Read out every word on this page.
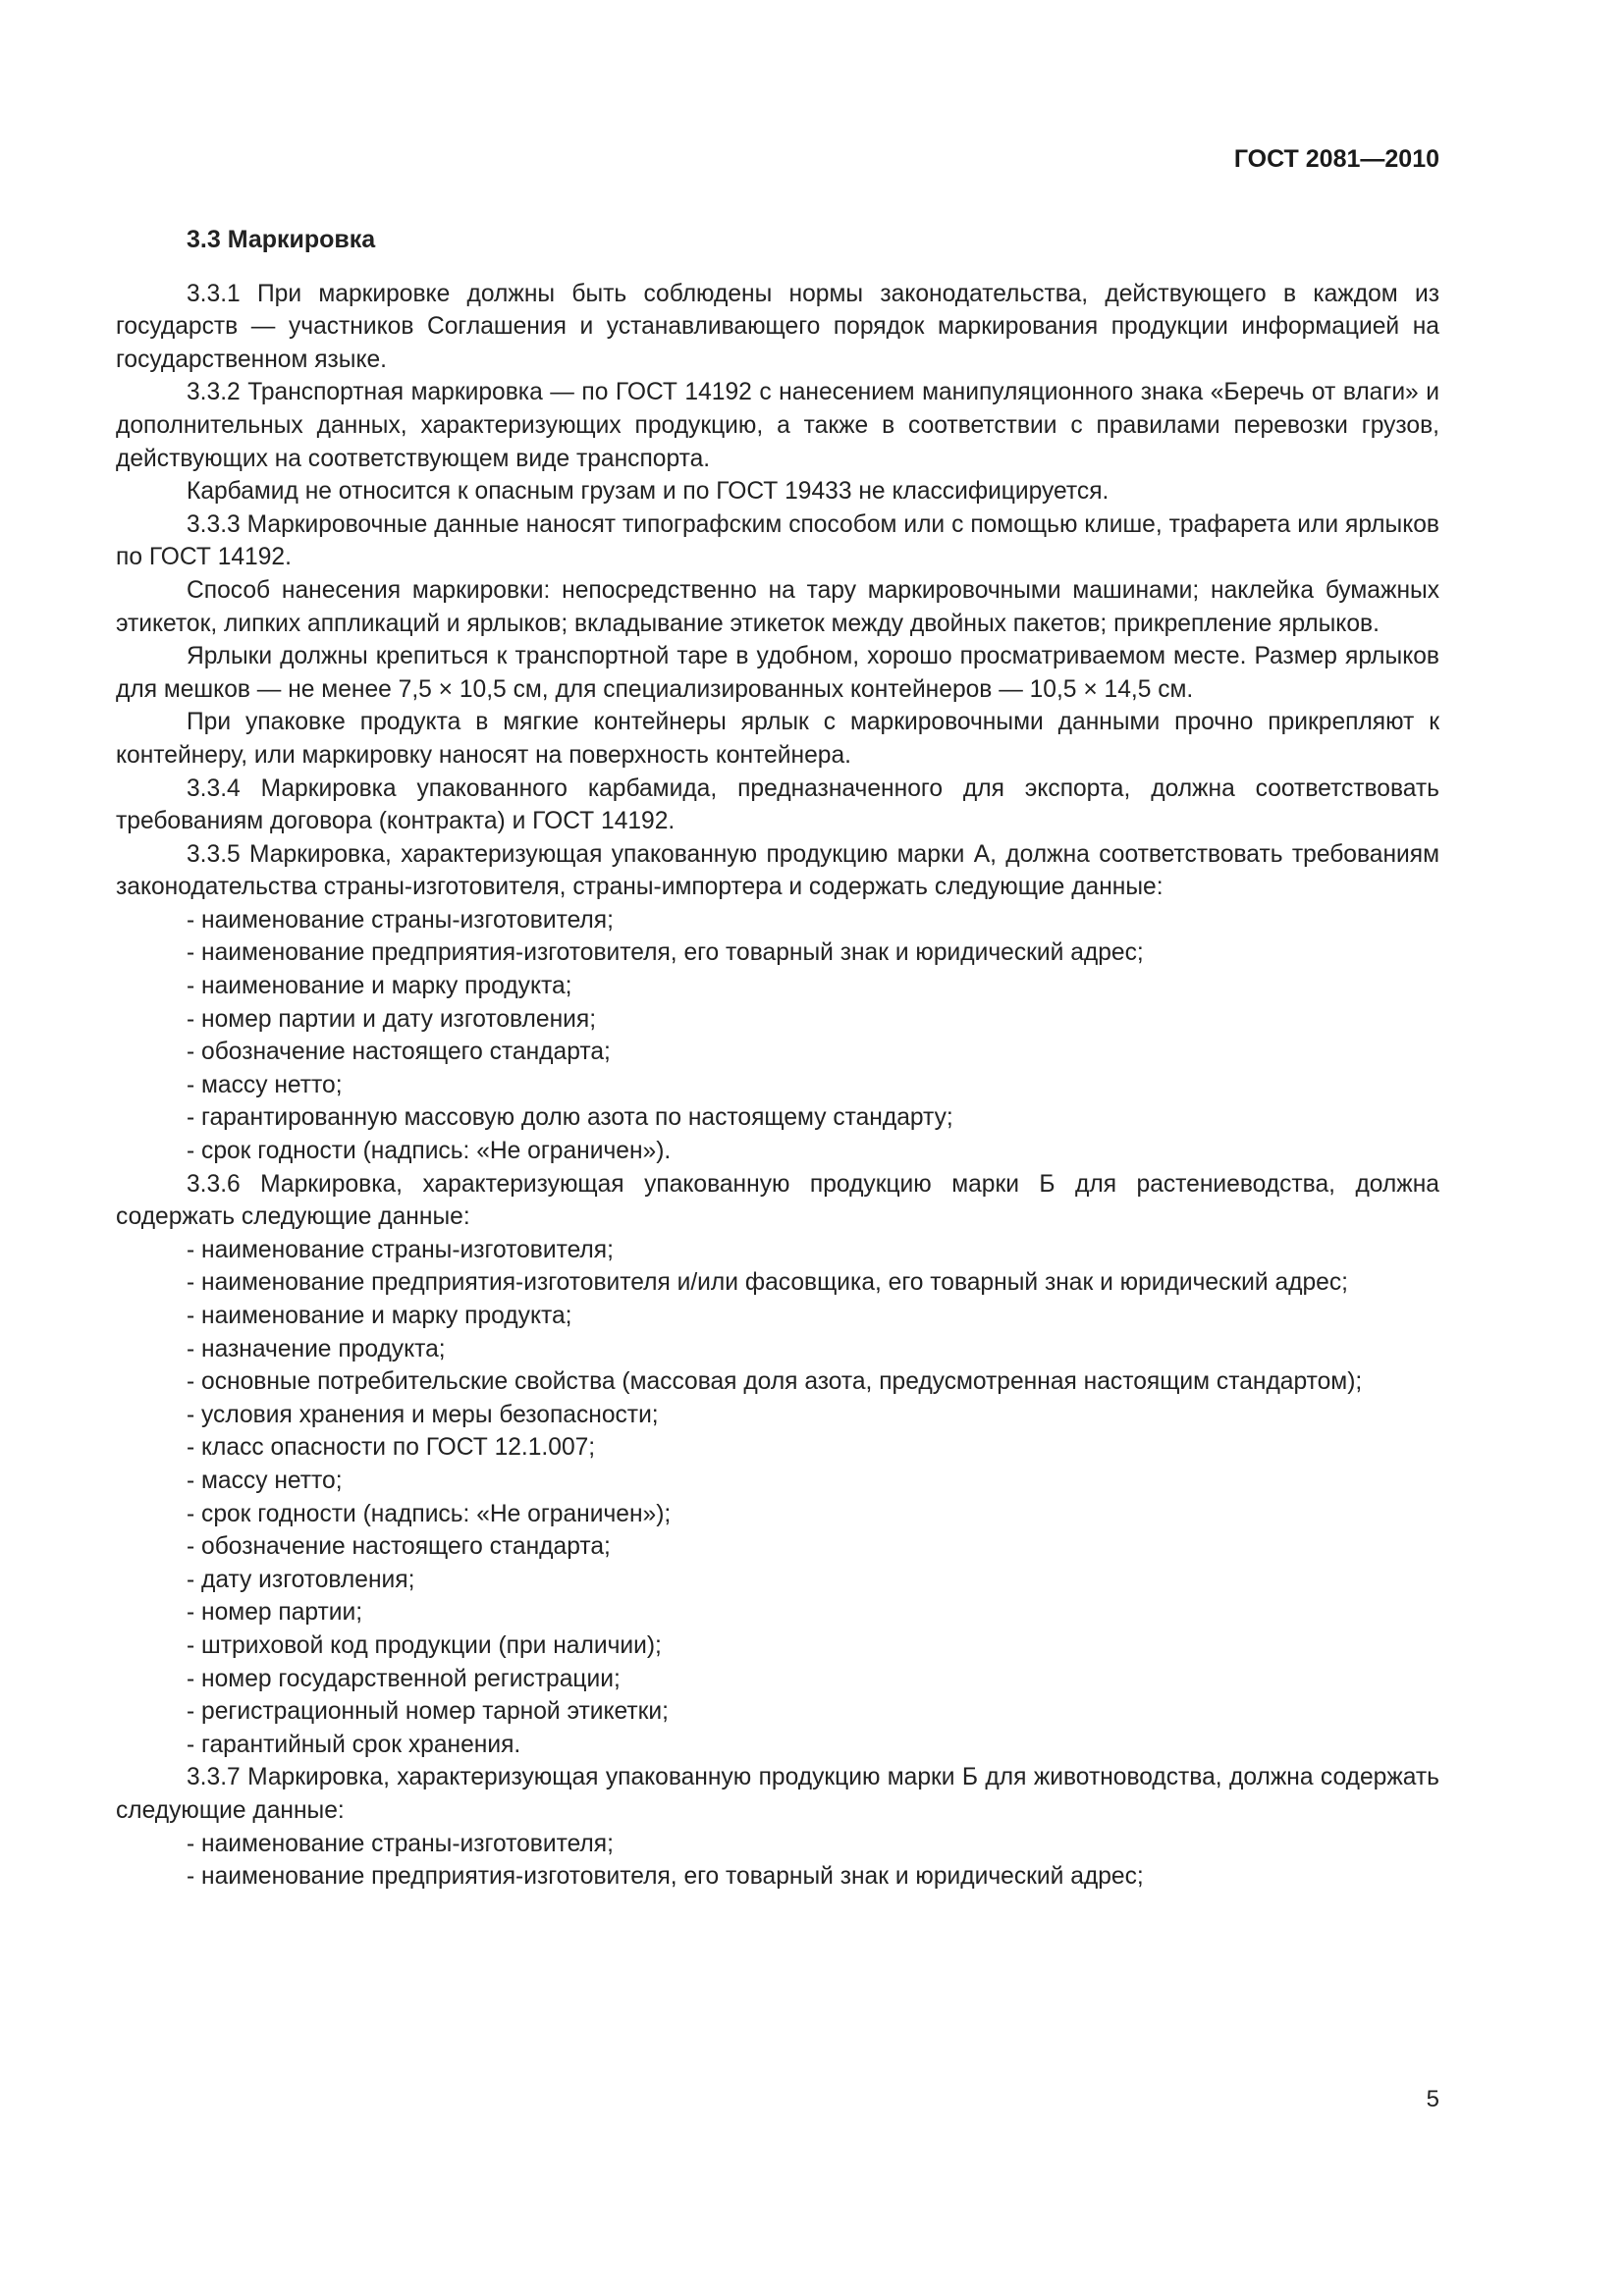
ГОСТ 2081—2010

3.3 Маркировка

3.3.1 При маркировке должны быть соблюдены нормы законодательства, действующего в каждом из государств — участников Соглашения и устанавливающего порядок маркирования продукции информацией на государственном языке.

3.3.2 Транспортная маркировка — по ГОСТ 14192 с нанесением манипуляционного знака «Беречь от влаги» и дополнительных данных, характеризующих продукцию, а также в соответствии с правилами перевозки грузов, действующих на соответствующем виде транспорта.

Карбамид не относится к опасным грузам и по ГОСТ 19433 не классифицируется.

3.3.3 Маркировочные данные наносят типографским способом или с помощью клише, трафарета или ярлыков по ГОСТ 14192.

Способ нанесения маркировки: непосредственно на тару маркировочными машинами; наклейка бумажных этикеток, липких аппликаций и ярлыков; вкладывание этикеток между двойных пакетов; прикрепление ярлыков.

Ярлыки должны крепиться к транспортной таре в удобном, хорошо просматриваемом месте. Размер ярлыков для мешков — не менее 7,5 × 10,5 см, для специализированных контейнеров — 10,5 × 14,5 см.

При упаковке продукта в мягкие контейнеры ярлык с маркировочными данными прочно прикрепляют к контейнеру, или маркировку наносят на поверхность контейнера.

3.3.4 Маркировка упакованного карбамида, предназначенного для экспорта, должна соответствовать требованиям договора (контракта) и ГОСТ 14192.

3.3.5 Маркировка, характеризующая упакованную продукцию марки А, должна соответствовать требованиям законодательства страны-изготовителя, страны-импортера и содержать следующие данные:

- наименование страны-изготовителя;

- наименование предприятия-изготовителя, его товарный знак и юридический адрес;

- наименование и марку продукта;

- номер партии и дату изготовления;

- обозначение настоящего стандарта;

- массу нетто;

- гарантированную массовую долю азота по настоящему стандарту;

- срок годности (надпись: «Не ограничен»).

3.3.6 Маркировка, характеризующая упакованную продукцию марки Б для растениеводства, должна содержать следующие данные:

- наименование страны-изготовителя;

- наименование предприятия-изготовителя и/или фасовщика, его товарный знак и юридический адрес;

- наименование и марку продукта;

- назначение продукта;

- основные потребительские свойства (массовая доля азота, предусмотренная настоящим стандартом);

- условия хранения и меры безопасности;

- класс опасности по ГОСТ 12.1.007;

- массу нетто;

- срок годности (надпись: «Не ограничен»);

- обозначение настоящего стандарта;

- дату изготовления;

- номер партии;

- штриховой код продукции (при наличии);

- номер государственной регистрации;

- регистрационный номер тарной этикетки;

- гарантийный срок хранения.

3.3.7 Маркировка, характеризующая упакованную продукцию марки Б для животноводства, должна содержать следующие данные:

- наименование страны-изготовителя;

- наименование предприятия-изготовителя, его товарный знак и юридический адрес;

5
